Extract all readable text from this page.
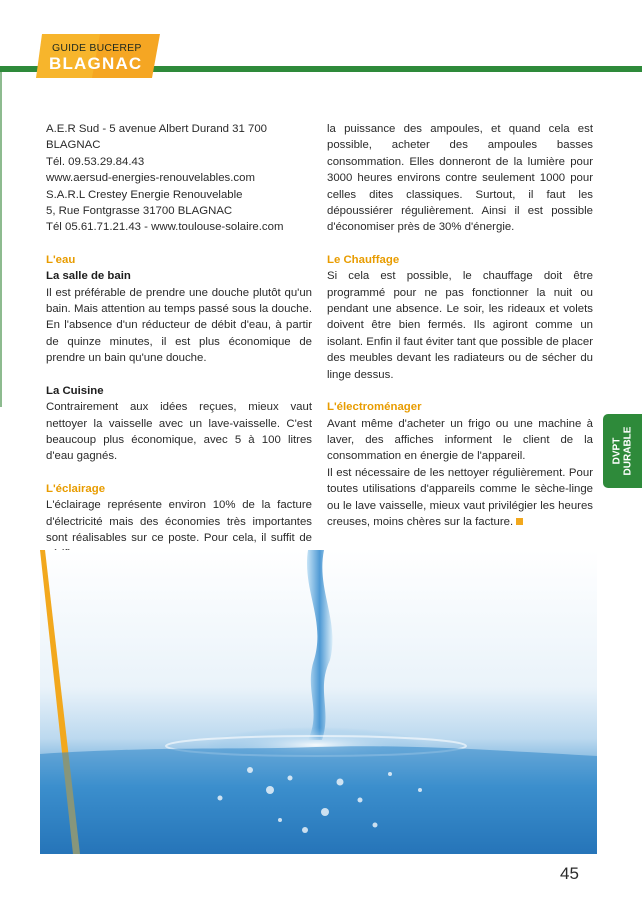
GUIDE BUCEREP
BLAGNAC

A.E.R Sud - 5 avenue Albert Durand 31 700 BLAGNAC

Tél. 09.53.29.84.43

www.aersud-energies-renouvelables.com

S.A.R.L Crestey Energie Renouvelable

5, Rue Fontgrasse 31700 BLAGNAC

Tél 05.61.71.21.43 - www.toulouse-solaire.com

L'eau

La salle de bain

Il est préférable de prendre une douche plutôt qu'un bain. Mais attention au temps passé sous la douche. En l'absence d'un réducteur de débit d'eau, à partir de quinze minutes, il est plus économique de prendre un bain qu'une douche.

La Cuisine

Contrairement aux idées reçues, mieux vaut nettoyer la vaisselle avec un lave-vaisselle. C'est beaucoup plus économique, avec 5 à 100 litres d'eau gagnés.

L'éclairage

L'éclairage représente environ 10% de la facture d'électricité mais des économies très importantes sont réalisables sur ce poste. Pour cela, il suffit de

la puissance des ampoules, et quand cela est possible, acheter des ampoules basses consommation. Elles donneront de la lumière pour 3000 heures environs contre seulement 1000 pour celles dites classiques. Surtout, il faut les dépoussiérer régulièrement. Ainsi il est possible d'économiser près de 30% d'énergie.

Le Chauffage

Si cela est possible, le chauffage doit être programmé pour ne pas fonctionner la nuit ou pendant une absence. Le soir, les rideaux et volets doivent être bien fermés. Ils agiront comme un isolant. Enfin il faut éviter tant que possible de placer des meubles devant les radiateurs ou de sécher du linge dessus.

L'électroménager

Avant même d'acheter un frigo ou une machine à laver, des affiches informent le client de la consommation en énergie de l'appareil.

Il est nécessaire de les nettoyer régulièrement. Pour toutes utilisations d'appareils comme le sèche-linge ou le lave vaisselle, mieux vaut privilégier les heures creuses, moins chères sur la facture.

DVPT DURABLE
45
